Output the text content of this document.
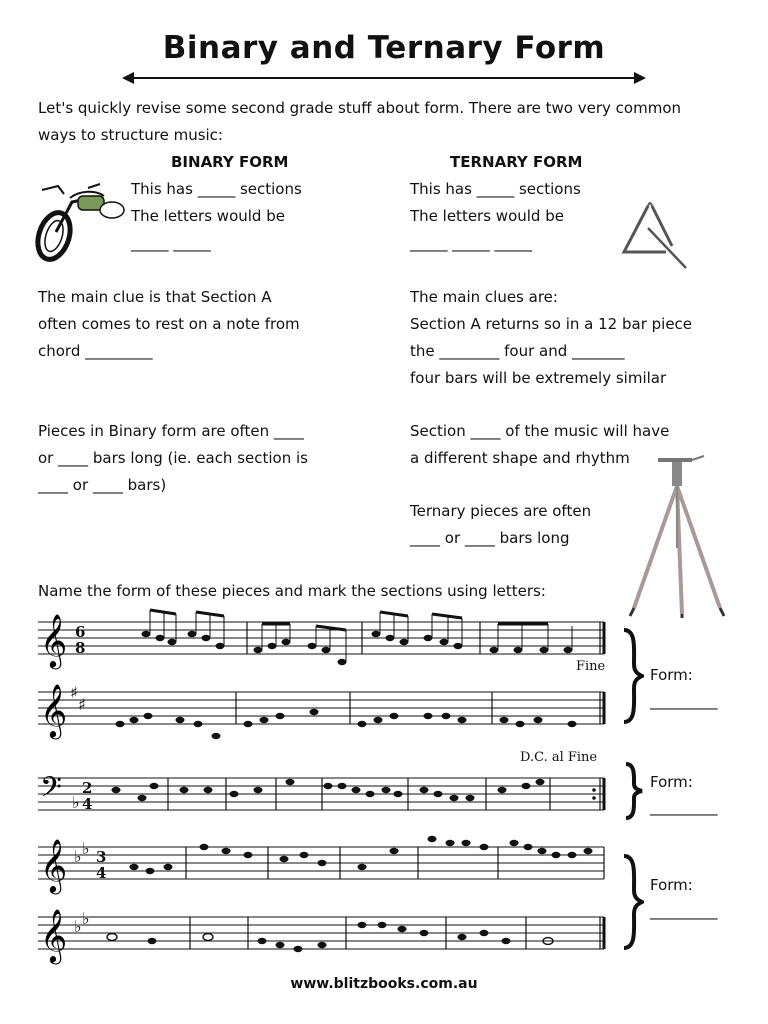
Binary and Ternary Form
Let's quickly revise some second grade stuff about form. There are two very common
ways to structure music:
BINARY FORM
This has _____ sections
The letters would be
_____ _____
The main clue is that Section A
often comes to rest on a note from
chord _________
Pieces in Binary form are often ____
or ____ bars long (ie. each section is
____ or ____ bars)
TERNARY FORM
This has _____ sections
The letters would be
_____ _____ _____
The main clues are:
Section A returns so in a 12 bar piece
the ________ four and _______
four bars will be extremely similar
Section ____ of the music will have
a different shape and rhythm
Ternary pieces are often
____ or ____ bars long
Name the form of these pieces and mark the sections using letters:
𝄞
𝄞
𝄢
𝄞
𝄞
♯
♯
♭
♭ ♭
♭ ♭
6
8
2
4
3
4
Fine
D.C. al Fine
Form:
_________
Form:
_________
Form:
_________
www.blitzbooks.com.au
